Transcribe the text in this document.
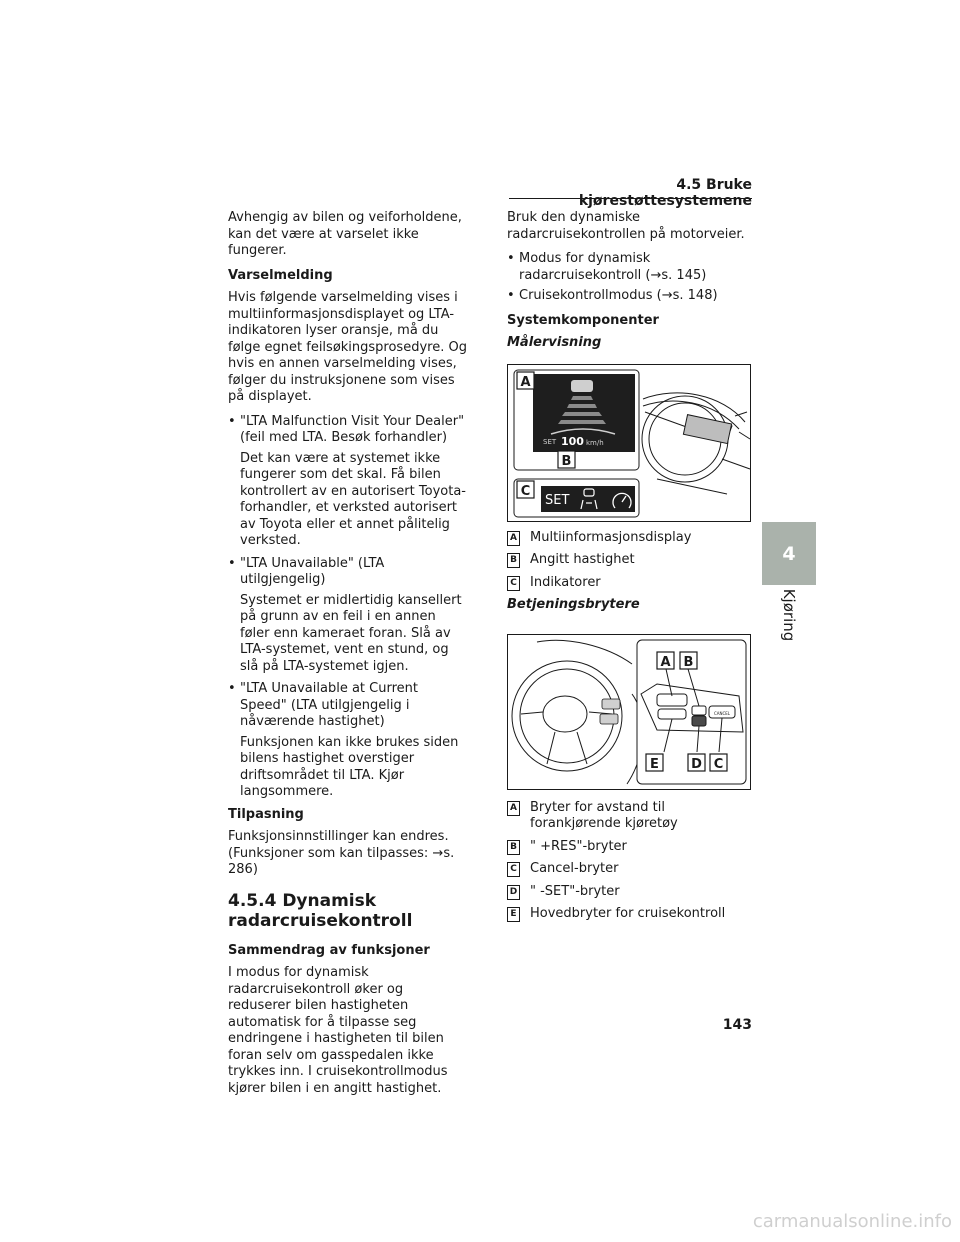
4.5 Bruke kjørestøttesystemene

Avhengig av bilen og veiforholdene, kan det være at varselet ikke fungerer.

Varselmelding

Hvis følgende varselmelding vises i multiinformasjonsdisplayet og LTA-indikatoren lyser oransje, må du følge egnet feilsøkingsprosedyre. Og hvis en annen varselmelding vises, følger du instruksjonene som vises på displayet.

• "LTA Malfunction Visit Your Dealer" (feil med LTA. Besøk forhandler)
Det kan være at systemet ikke fungerer som det skal. Få bilen kontrollert av en autorisert Toyota-forhandler, et verksted autorisert av Toyota eller et annet pålitelig verksted.
• "LTA Unavailable" (LTA utilgjengelig)
Systemet er midlertidig kansellert på grunn av en feil i en annen føler enn kameraet foran. Slå av LTA-systemet, vent en stund, og slå på LTA-systemet igjen.
• "LTA Unavailable at Current Speed" (LTA utilgjengelig i nåværende hastighet)
Funksjonen kan ikke brukes siden bilens hastighet overstiger driftsområdet til LTA. Kjør langsommere.

Tilpasning

Funksjonsinnstillinger kan endres. (Funksjoner som kan tilpasses: →s. 286)

4.5.4 Dynamisk radarcruisekontroll

Sammendrag av funksjoner

I modus for dynamisk radarcruisekontroll øker og reduserer bilen hastigheten automatisk for å tilpasse seg endringene i hastigheten til bilen foran selv om gasspedalen ikke trykkes inn. I cruisekontrollmodus kjører bilen i en angitt hastighet.

Bruk den dynamiske radarcruisekontrollen på motorveier.

• Modus for dynamisk radarcruisekontroll (→s. 145)
• Cruisekontrollmodus (→s. 148)

Systemkomponenter

Målervisning

SET 100 km/h
A
B
C
SET
A Multiinformasjonsdisplay
B Angitt hastighet
C Indikatorer

Betjeningsbrytere

CANCEL
A B
E D C
A Bryter for avstand til forankjørende kjøretøy
B " +RES"-bryter
C Cancel-bryter
D " -SET"-bryter
E Hovedbryter for cruisekontroll
4
Kjøring
143
carmanualsonline.info
